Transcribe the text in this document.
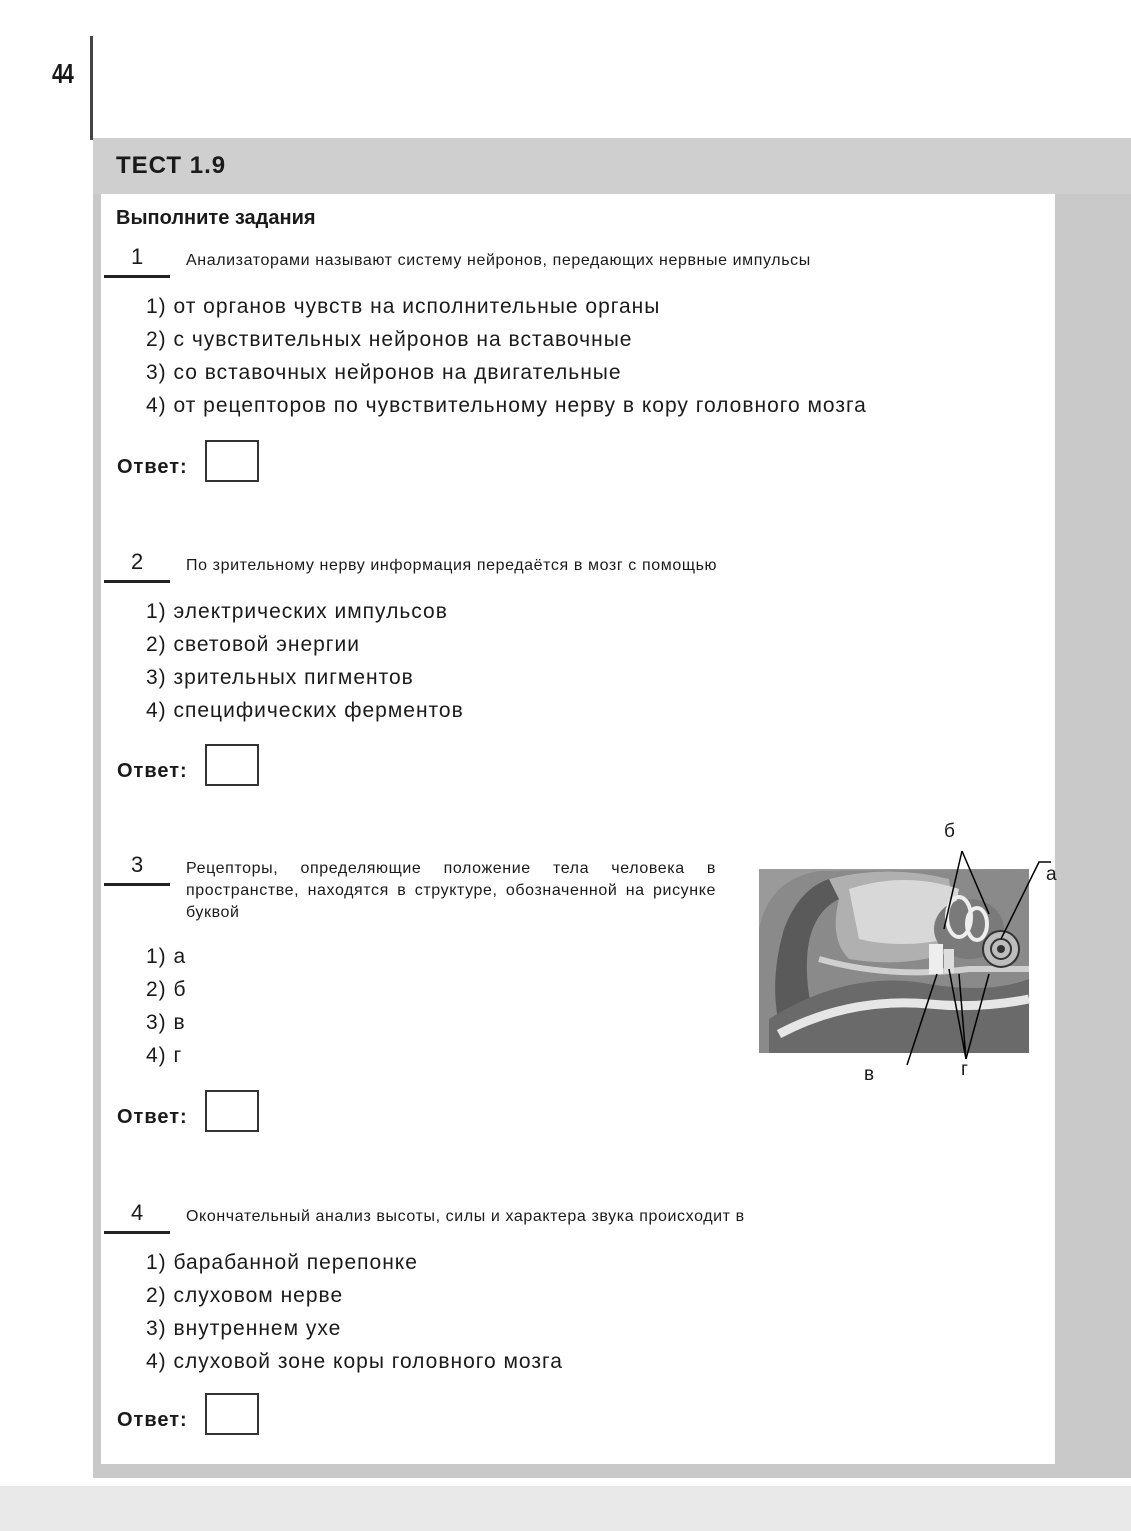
44
ТЕСТ 1.9
Выполните задания
1	Анализаторами называют систему нейронов, передающих нервные импульсы
1) от органов чувств на исполнительные органы
2) с чувствительных нейронов на вставочные
3) со вставочных нейронов на двигательные
4) от рецепторов по чувствительному нерву в кору головного мозга
Ответ:
2	По зрительному нерву информация передаётся в мозг с помощью
1) электрических импульсов
2) световой энергии
3) зрительных пигментов
4) специфических ферментов
Ответ:
3	Рецепторы, определяющие положение тела человека в пространстве, находятся в структуре, обозначенной на рисунке буквой
1) а
2) б
3) в
4) г
а
б
в	г
Ответ:
4	Окончательный анализ высоты, силы и характера звука происходит в
1) барабанной перепонке
2) слуховом нерве
3) внутреннем ухе
4) слуховой зоне коры головного мозга
Ответ:
